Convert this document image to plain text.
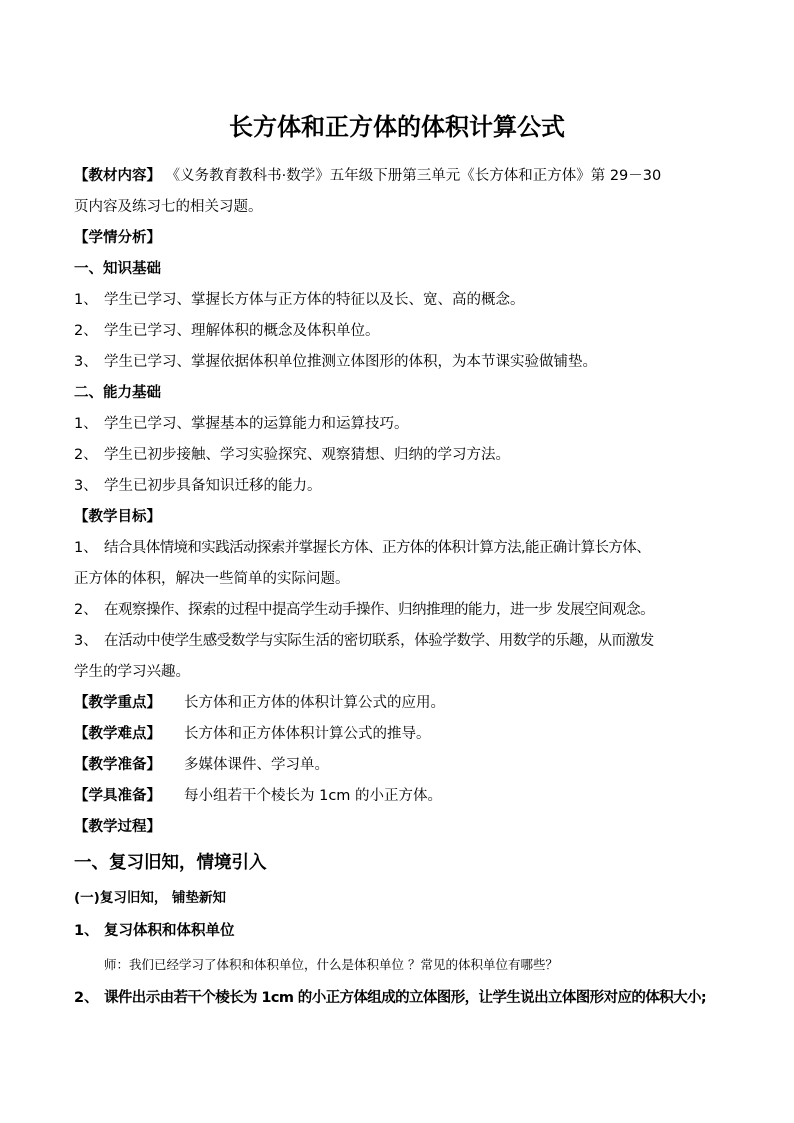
长方体和正方体的体积计算公式
【教材内容】 《义务教育教科书·数学》五年级下册第三单元《长方体和正方体》第 29－30
页内容及练习七的相关习题。
【学情分析】
一、知识基础
1、 学生已学习、掌握长方体与正方体的特征以及长、宽、高的概念。
2、 学生已学习、理解体积的概念及体积单位。
3、 学生已学习、掌握依据体积单位推测立体图形的体积，为本节课实验做铺垫。
二、能力基础
1、 学生已学习、掌握基本的运算能力和运算技巧。
2、 学生已初步接触、学习实验探究、观察猜想、归纳的学习方法。
3、 学生已初步具备知识迁移的能力。
【教学目标】
1、 结合具体情境和实践活动探索并掌握长方体、正方体的体积计算方法,能正确计算长方体、
正方体的体积，解决一些简单的实际问题。
2、 在观察操作、探索的过程中提高学生动手操作、归纳推理的能力，进一步 发展空间观念。
3、 在活动中使学生感受数学与实际生活的密切联系，体验学数学、用数学的乐趣，从而激发
学生的学习兴趣。
【教学重点】 长方体和正方体的体积计算公式的应用。
【教学难点】 长方体和正方体体积计算公式的推导。
【教学准备】 多媒体课件、学习单。
【学具准备】 每小组若干个棱长为 1cm 的小正方体。
【教学过程】
一、复习旧知，情境引入
(一)复习旧知， 铺垫新知
1、 复习体积和体积单位
师：我们已经学习了体积和体积单位，什么是体积单位 ？常见的体积单位有哪些？
2、 课件出示由若干个棱长为 1cm 的小正方体组成的立体图形，让学生说出立体图形对应的体积大小;
